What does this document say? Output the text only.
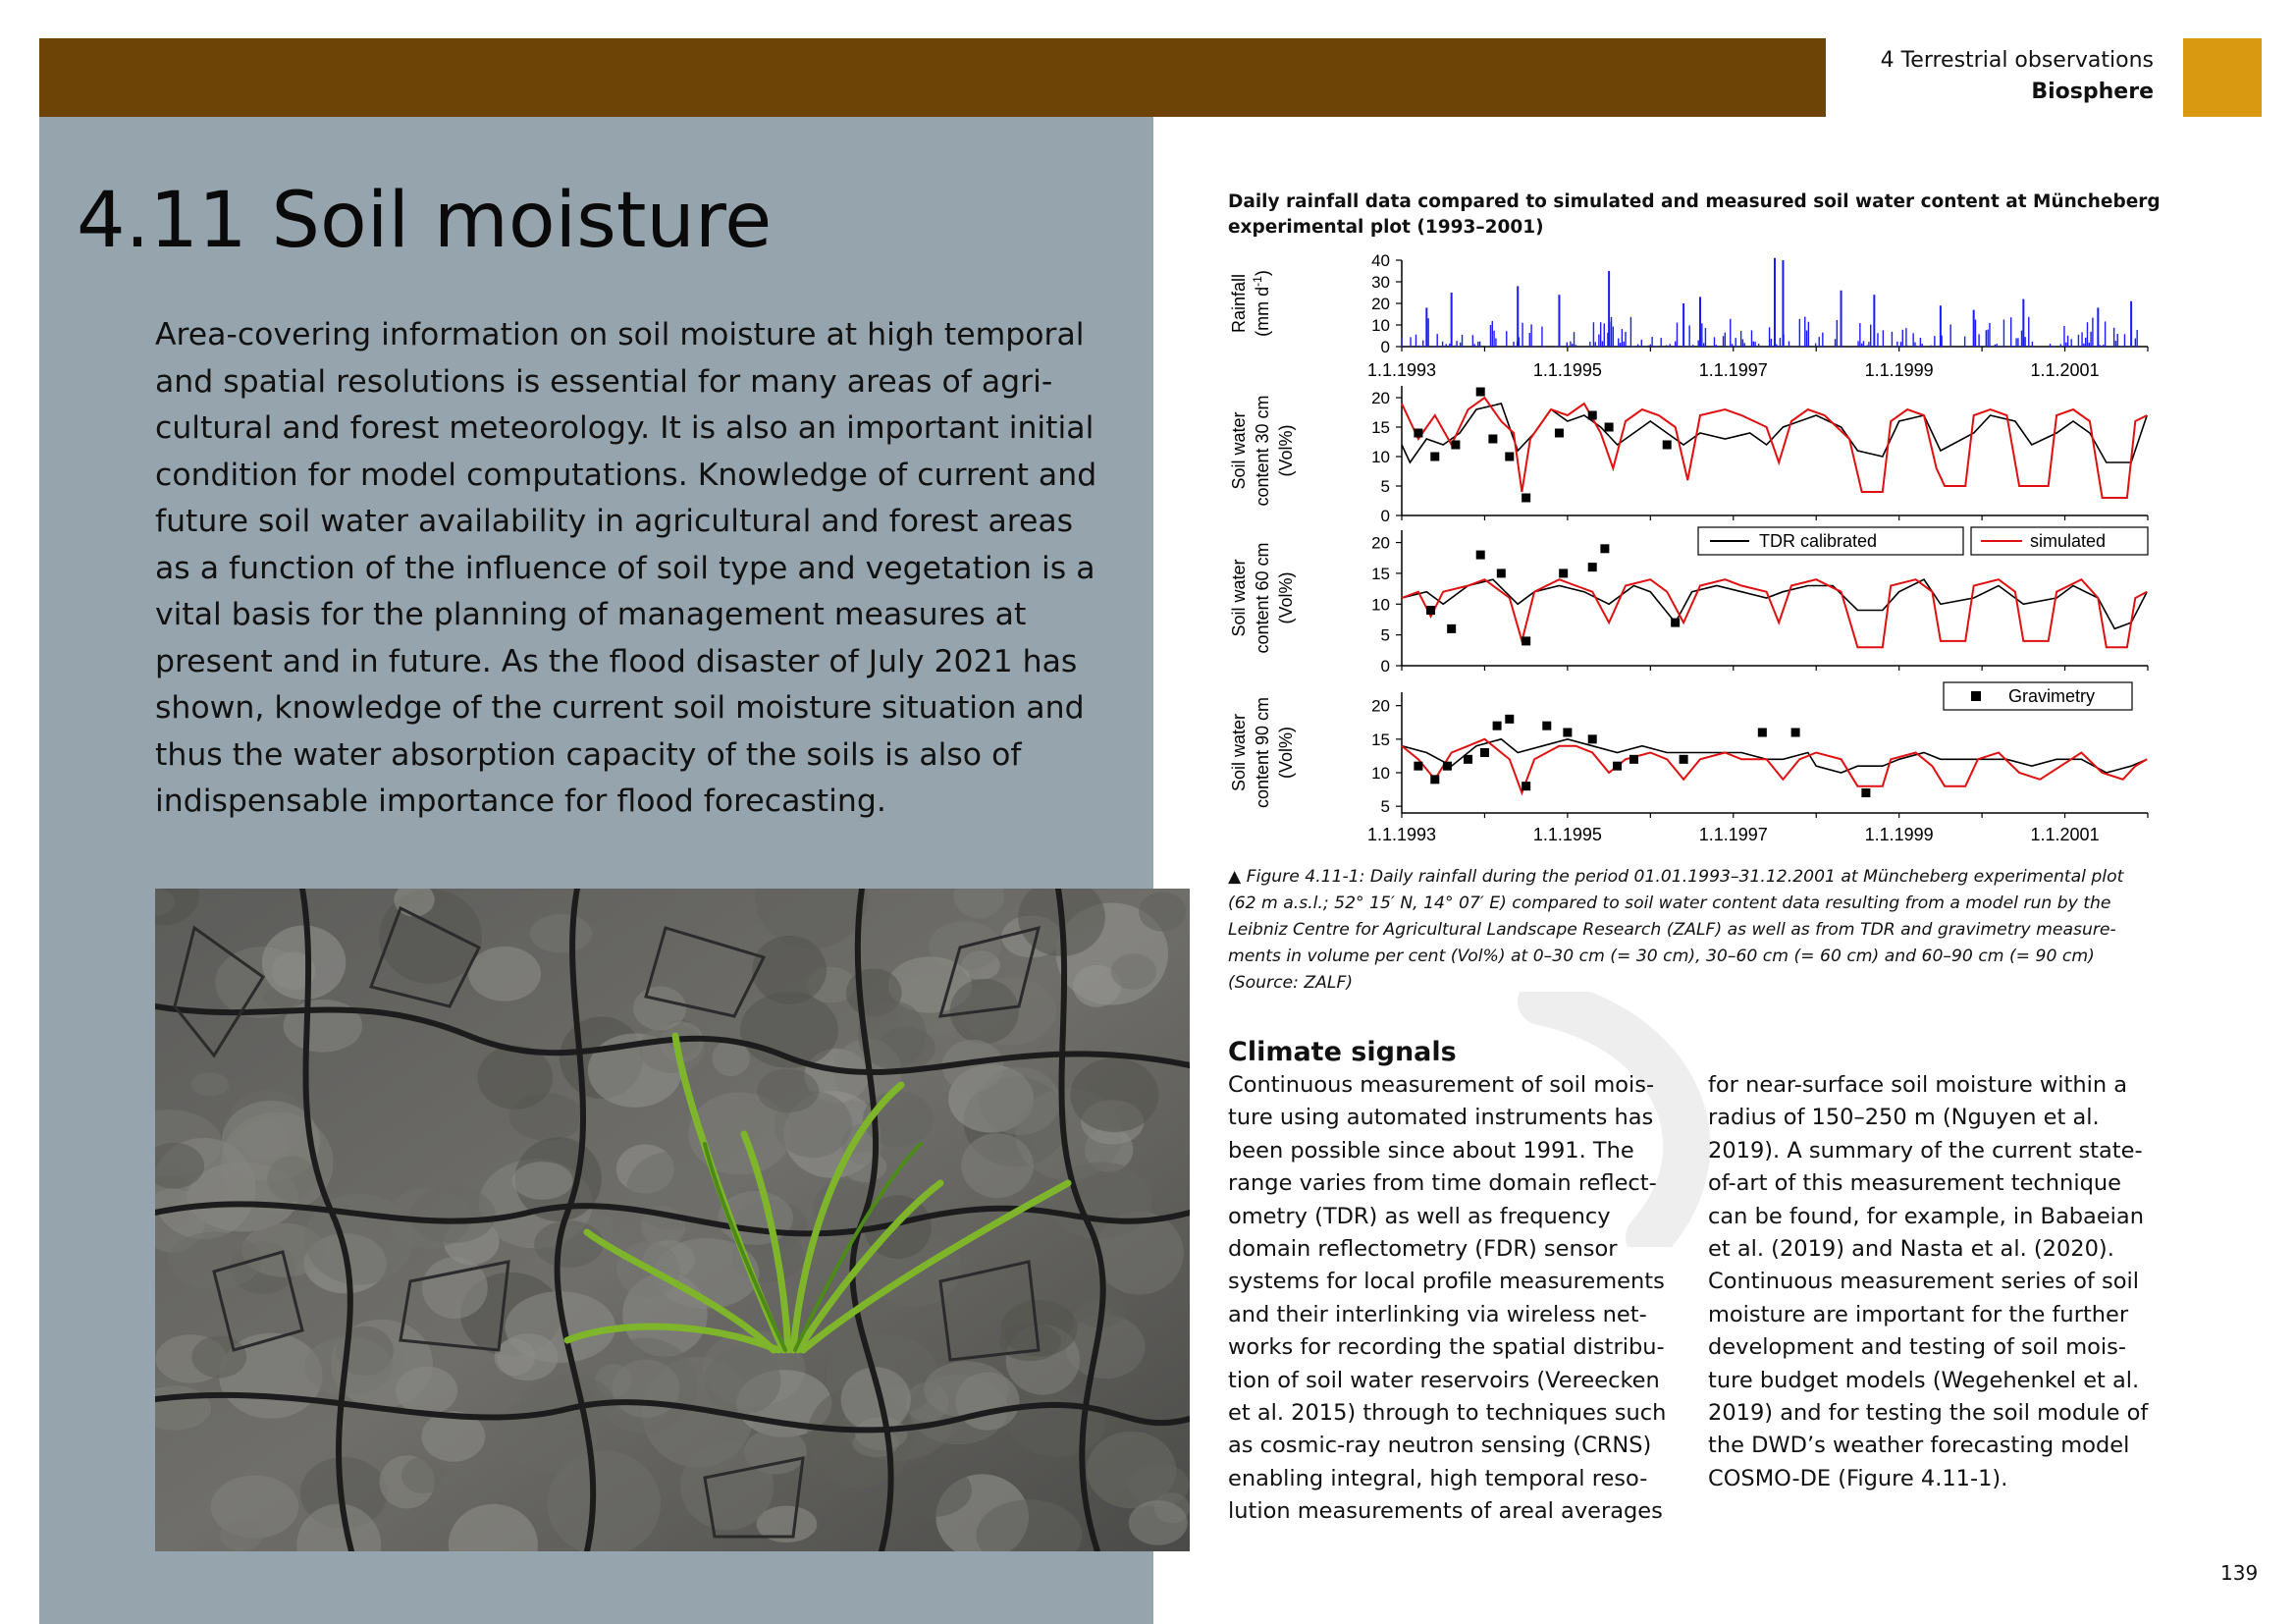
4 Terrestrial observations
Biosphere
4.11 Soil moisture

Area-covering information on soil moisture at high temporal
and spatial resolutions is essential for many areas of agri-
cultural and forest meteorology. It is also an important initial
condition for model computations. Knowledge of current and
future soil water availability in agricultural and forest areas
as a function of the influence of soil type and vegetation is a
vital basis for the planning of management measures at
present and in future. As the flood disaster of July 2021 has
shown, knowledge of the current soil moisture situation and
thus the water absorption capacity of the soils is also of
indispensable importance for flood forecasting.

Daily rainfall data compared to simulated and measured soil water content at Müncheberg
experimental plot (1993–2001)

40
30
20
10
0
Rainfall (mm $d^{-1}$)
1.1.1993	1.1.1995	1.1.1997	1.1.1999	1.1.2001
20
15
10
5
0
Soil water content 30 cm (Vol%)
20
15
10
5
0
Soil water content 60 cm (Vol%)
20
15
10
5
Soil water content 90 cm (Vol%)
1.1.1993	1.1.1995	1.1.1997	1.1.1999	1.1.2001
TDR calibrated	simulated
Gravimetry

▲ Figure 4.11-1: Daily rainfall during the period 01.01.1993–31.12.2001 at Müncheberg experimental plot
(62 m a.s.l.; 52° 15′ N, 14° 07′ E) compared to soil water content data resulting from a model run by the
Leibniz Centre for Agricultural Landscape Research (ZALF) as well as from TDR and gravimetry measure-
ments in volume per cent (Vol%) at 0–30 cm (= 30 cm), 30–60 cm (= 60 cm) and 60–90 cm (= 90 cm)
(Source: ZALF)

Climate signals

Continuous measurement of soil mois-
ture using automated instruments has
been possible since about 1991. The
range varies from time domain reflect-
ometry (TDR) as well as frequency
domain reflectometry (FDR) sensor
systems for local profile measurements
and their interlinking via wireless net-
works for recording the spatial distribu-
tion of soil water reservoirs (Vereecken
et al. 2015) through to techniques such
as cosmic-ray neutron sensing (CRNS)
enabling integral, high temporal reso-
lution measurements of areal averages

for near-surface soil moisture within a
radius of 150–250 m (Nguyen et al.
2019). A summary of the current state-
of-art of this measurement technique
can be found, for example, in Babaeian
et al. (2019) and Nasta et al. (2020).
Continuous measurement series of soil
moisture are important for the further
development and testing of soil mois-
ture budget models (Wegehenkel et al.
2019) and for testing the soil module of
the DWD’s weather forecasting model
COSMO-DE (Figure 4.11-1).

139
